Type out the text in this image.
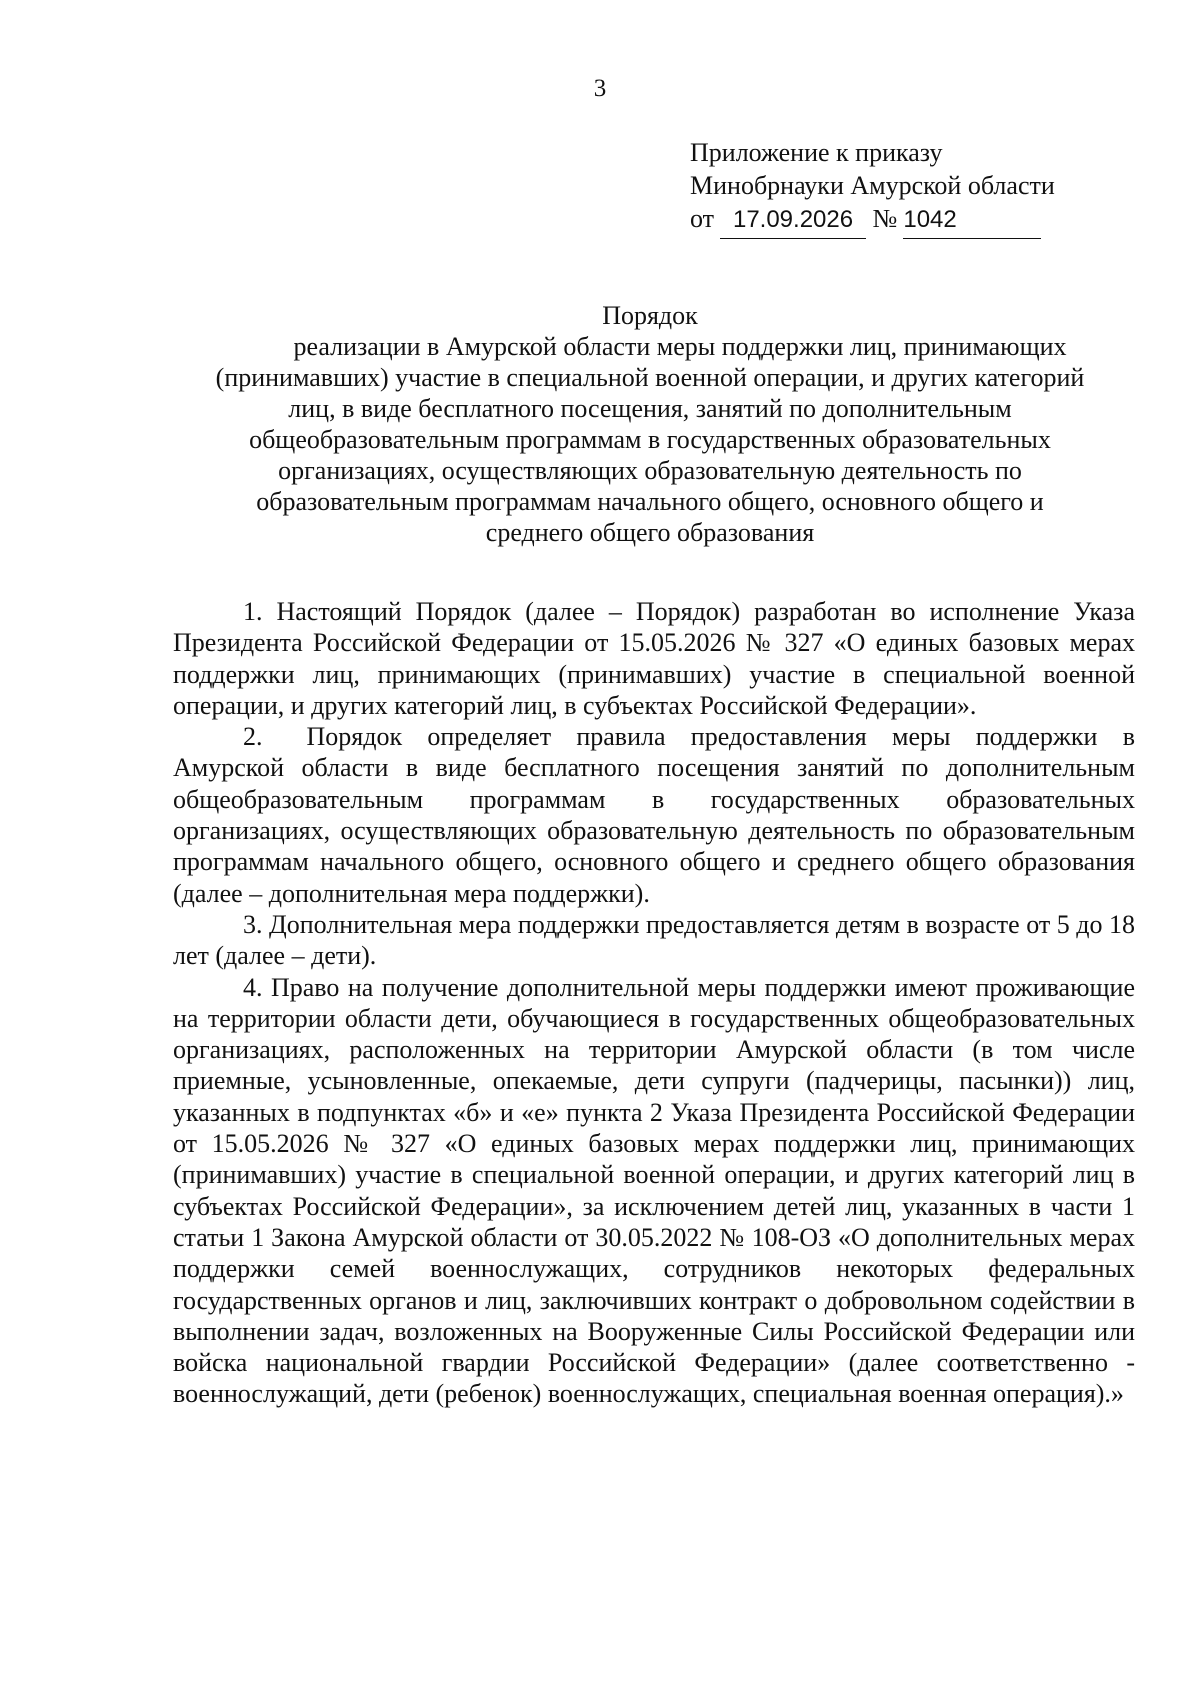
3
Приложение к приказу
Минобрнауки Амурской области
от 17.09.2026 № 1042
Порядок
реализации в Амурской области меры поддержки лиц, принимающих
(принимавших) участие в специальной военной операции, и других категорий
лиц, в виде бесплатного посещения, занятий по дополнительным
общеобразовательным программам в государственных образовательных
организациях, осуществляющих образовательную деятельность по
образовательным программам начального общего, основного общего и
среднего общего образования

1. Настоящий Порядок (далее – Порядок) разработан во исполнение Указа Президента Российской Федерации от 15.05.2026 № 327 «О единых базовых мерах поддержки лиц, принимающих (принимавших) участие в специальной военной операции, и других категорий лиц, в субъектах Российской Федерации».

2. Порядок определяет правила предоставления меры поддержки в Амурской области в виде бесплатного посещения занятий по дополнительным общеобразовательным программам в государственных образовательных организациях, осуществляющих образовательную деятельность по образовательным программам начального общего, основного общего и среднего общего образования (далее – дополнительная мера поддержки).

3. Дополнительная мера поддержки предоставляется детям в возрасте от 5 до 18 лет (далее – дети).

4. Право на получение дополнительной меры поддержки имеют проживающие на территории области дети, обучающиеся в государственных общеобразовательных организациях, расположенных на территории Амурской области (в том числе приемные, усыновленные, опекаемые, дети супруги (падчерицы, пасынки)) лиц, указанных в подпунктах «б» и «е» пункта 2 Указа Президента Российской Федерации от 15.05.2026 № 327 «О единых базовых мерах поддержки лиц, принимающих (принимавших) участие в специальной военной операции, и других категорий лиц в субъектах Российской Федерации», за исключением детей лиц, указанных в части 1 статьи 1 Закона Амурской области от 30.05.2022 № 108-ОЗ «О дополнительных мерах поддержки семей военнослужащих, сотрудников некоторых федеральных государственных органов и лиц, заключивших контракт о добровольном содействии в выполнении задач, возложенных на Вооруженные Силы Российской Федерации или войска национальной гвардии Российской Федерации» (далее соответственно - военнослужащий, дети (ребенок) военнослужащих, специальная военная операция).»
